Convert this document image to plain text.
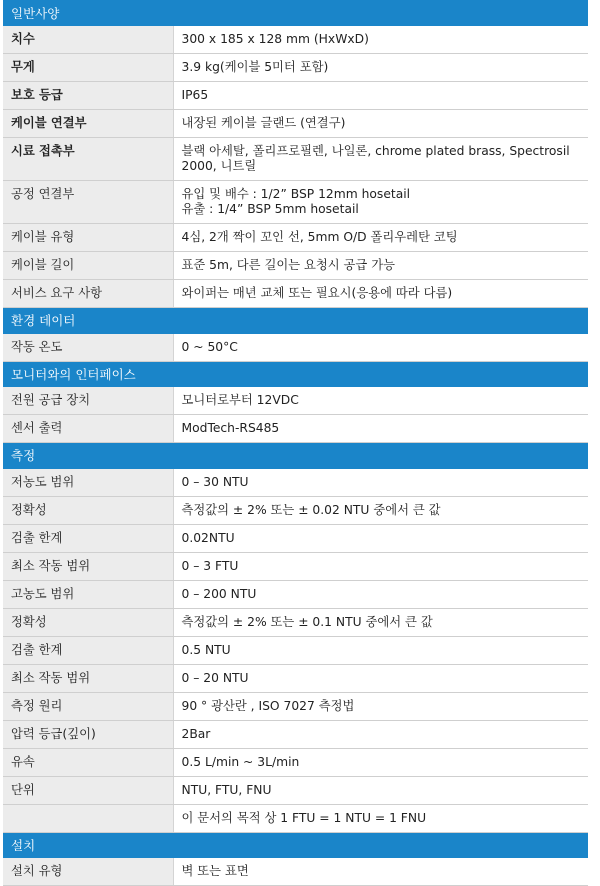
일반사양	
치수	300 x 185 x 128 mm (HxWxD)
무게	3.9 kg(케이블 5미터 포함)
보호 등급	IP65
케이블 연결부	내장된 케이블 글랜드 (연결구)
시료 접촉부	블랙 아세탈, 폴리프로필렌, 나일론, chrome plated brass, Spectrosil 2000, 니트릴
공정 연결부	유입 및 배수 : 1/2” BSP 12mm hosetail
유출 : 1/4” BSP 5mm hosetail

케이블 유형	4심, 2개 짝이 꼬인 선, 5mm O/D 폴리우레탄 코팅
케이블 길이	표준 5m, 다른 길이는 요청시 공급 가능
서비스 요구 사항	와이퍼는 매년 교체 또는 필요시(응용에 따라 다름)
환경 데이터	
작동 온도	0 ~ 50°C
모니터와의 인터페이스	
전원 공급 장치	모니터로부터 12VDC
센서 출력	ModTech-RS485
측정	
저농도 범위	0 – 30 NTU
정확성	측정값의 ± 2% 또는 ± 0.02 NTU 중에서 큰 값
검출 한계	0.02NTU
최소 작동 범위	0 – 3 FTU
고농도 범위	0 – 200 NTU
정확성	측정값의 ± 2% 또는 ± 0.1 NTU 중에서 큰 값
검출 한계	0.5 NTU
최소 작동 범위	0 – 20 NTU
측정 원리	90 ° 광산란 , ISO 7027 측정법
압력 등급(깊이)	2Bar
유속	0.5 L/min ~ 3L/min
단위	NTU, FTU, FNU
	이 문서의 목적 상 1 FTU = 1 NTU = 1 FNU
설치	
설치 유형	벽 또는 표면
